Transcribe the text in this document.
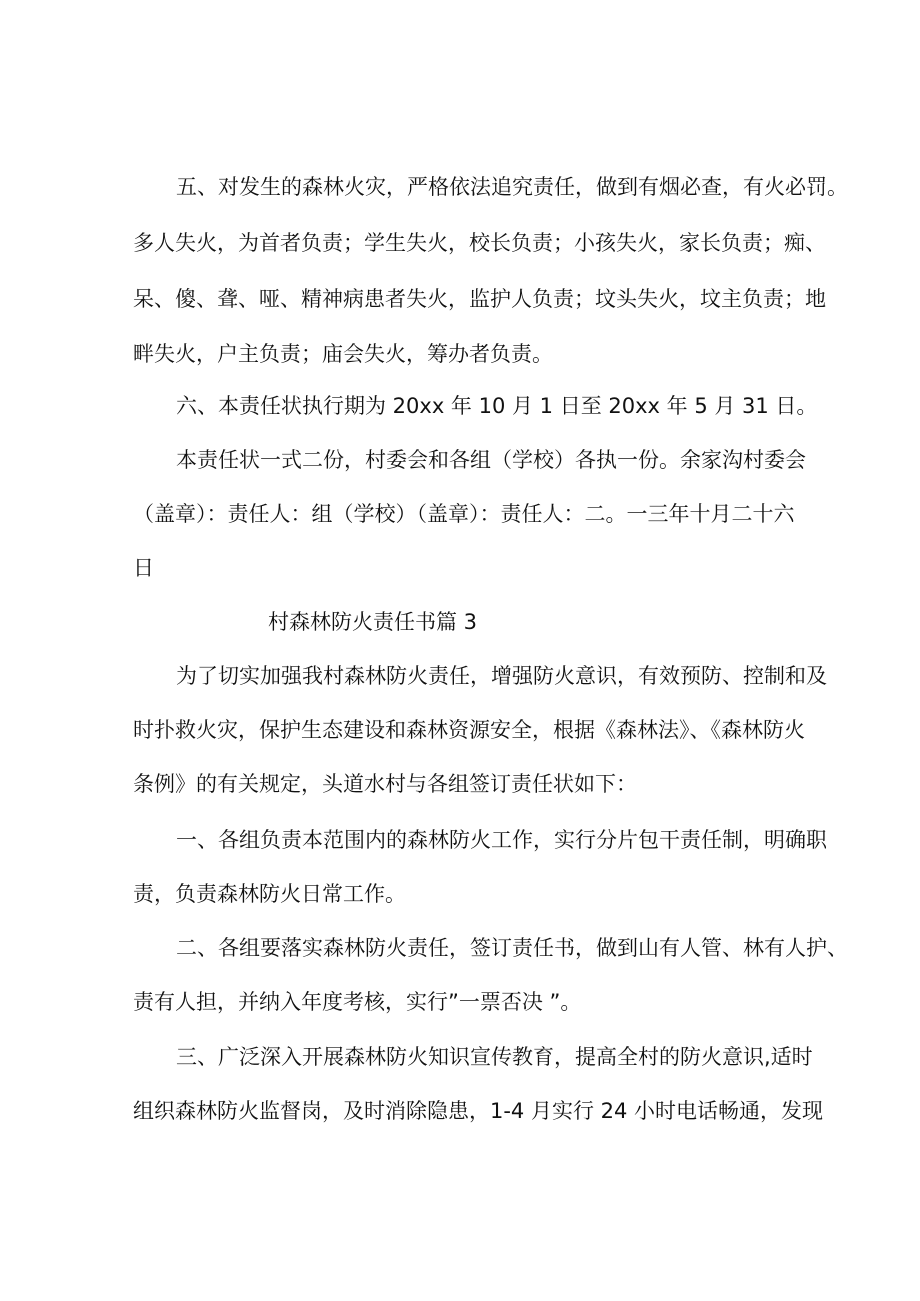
五、对发生的森林火灾，严格依法追究责任，做到有烟必查，有火必罚。
多人失火，为首者负责；学生失火，校长负责；小孩失火，家长负责；痴、
呆、傻、聋、哑、精神病患者失火，监护人负责；坟头失火，坟主负责；地
畔失火，户主负责；庙会失火，筹办者负责。
六、本责任状执行期为 20xx 年 10 月 1 日至 20xx 年 5 月 31 日。
本责任状一式二份，村委会和各组（学校）各执一份。余家沟村委会
（盖章）：责任人：组（学校）（盖章）：责任人：二。一三年十月二十六
日
村森林防火责任书篇 3
为了切实加强我村森林防火责任，增强防火意识，有效预防、控制和及
时扑救火灾，保护生态建设和森林资源安全，根据《森林法》、《森林防火
条例》的有关规定，头道水村与各组签订责任状如下：
一、各组负责本范围内的森林防火工作，实行分片包干责任制，明确职
责，负责森林防火日常工作。
二、各组要落实森林防火责任，签订责任书，做到山有人管、林有人护、
责有人担，并纳入年度考核，实行”一票否决 ”。
三、广泛深入开展森林防火知识宣传教育，提高全村的防火意识,适时
组织森林防火监督岗，及时消除隐患，1-4 月实行 24 小时电话畅通，发现
